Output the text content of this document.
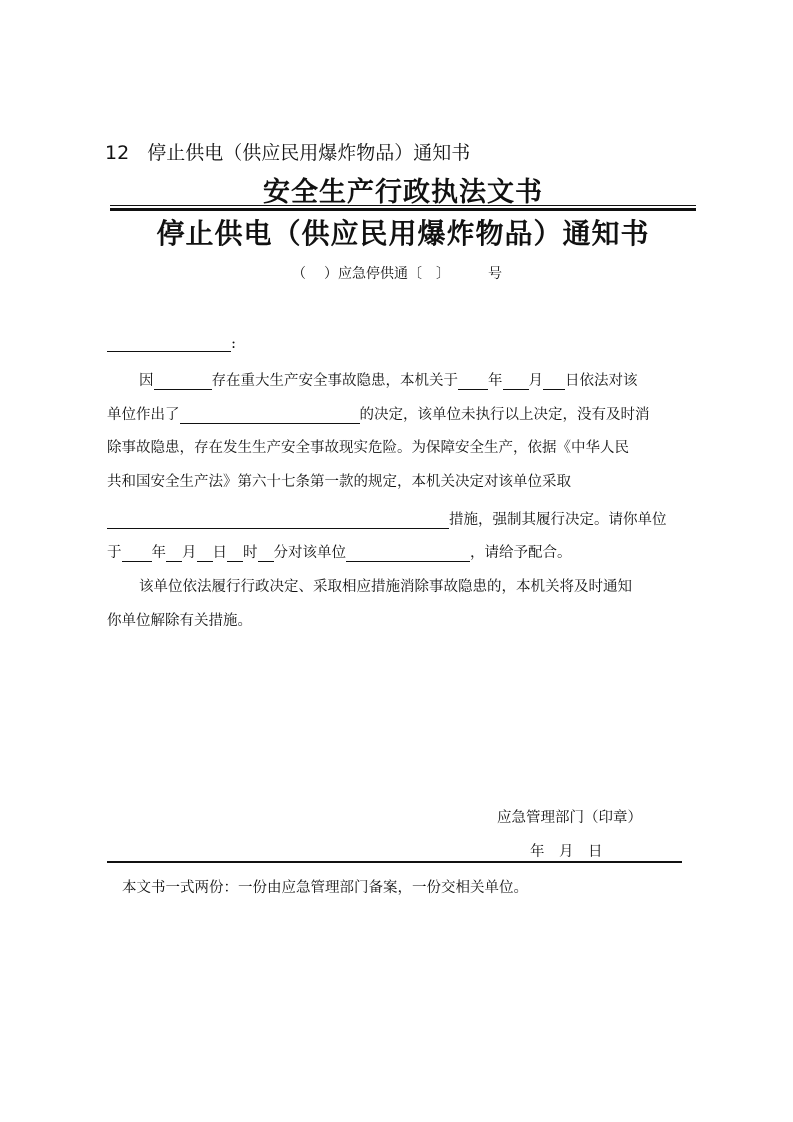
12 停止供电（供应民用爆炸物品）通知书
安全生产行政执法文书
停止供电（供应民用爆炸物品）通知书
（ ）应急停供通〔 〕	号
:
因	存在重大生产安全事故隐患，本机关于 年 月 日依法对该
单位作出了	的决定，该单位未执行以上决定，没有及时消
除事故隐患，存在发生生产安全事故现实危险。为保障安全生产，依据《中华人民
共和国安全生产法》第六十七条第一款的规定，本机关决定对该单位采取
措施，强制其履行决定。请你单位
于 年 月 日 时 分对该单位	，请给予配合。
该单位依法履行行政决定、采取相应措施消除事故隐患的，本机关将及时通知
你单位解除有关措施。
应急管理部门（印章）
年　月　日
本文书一式两份：一份由应急管理部门备案，一份交相关单位。
